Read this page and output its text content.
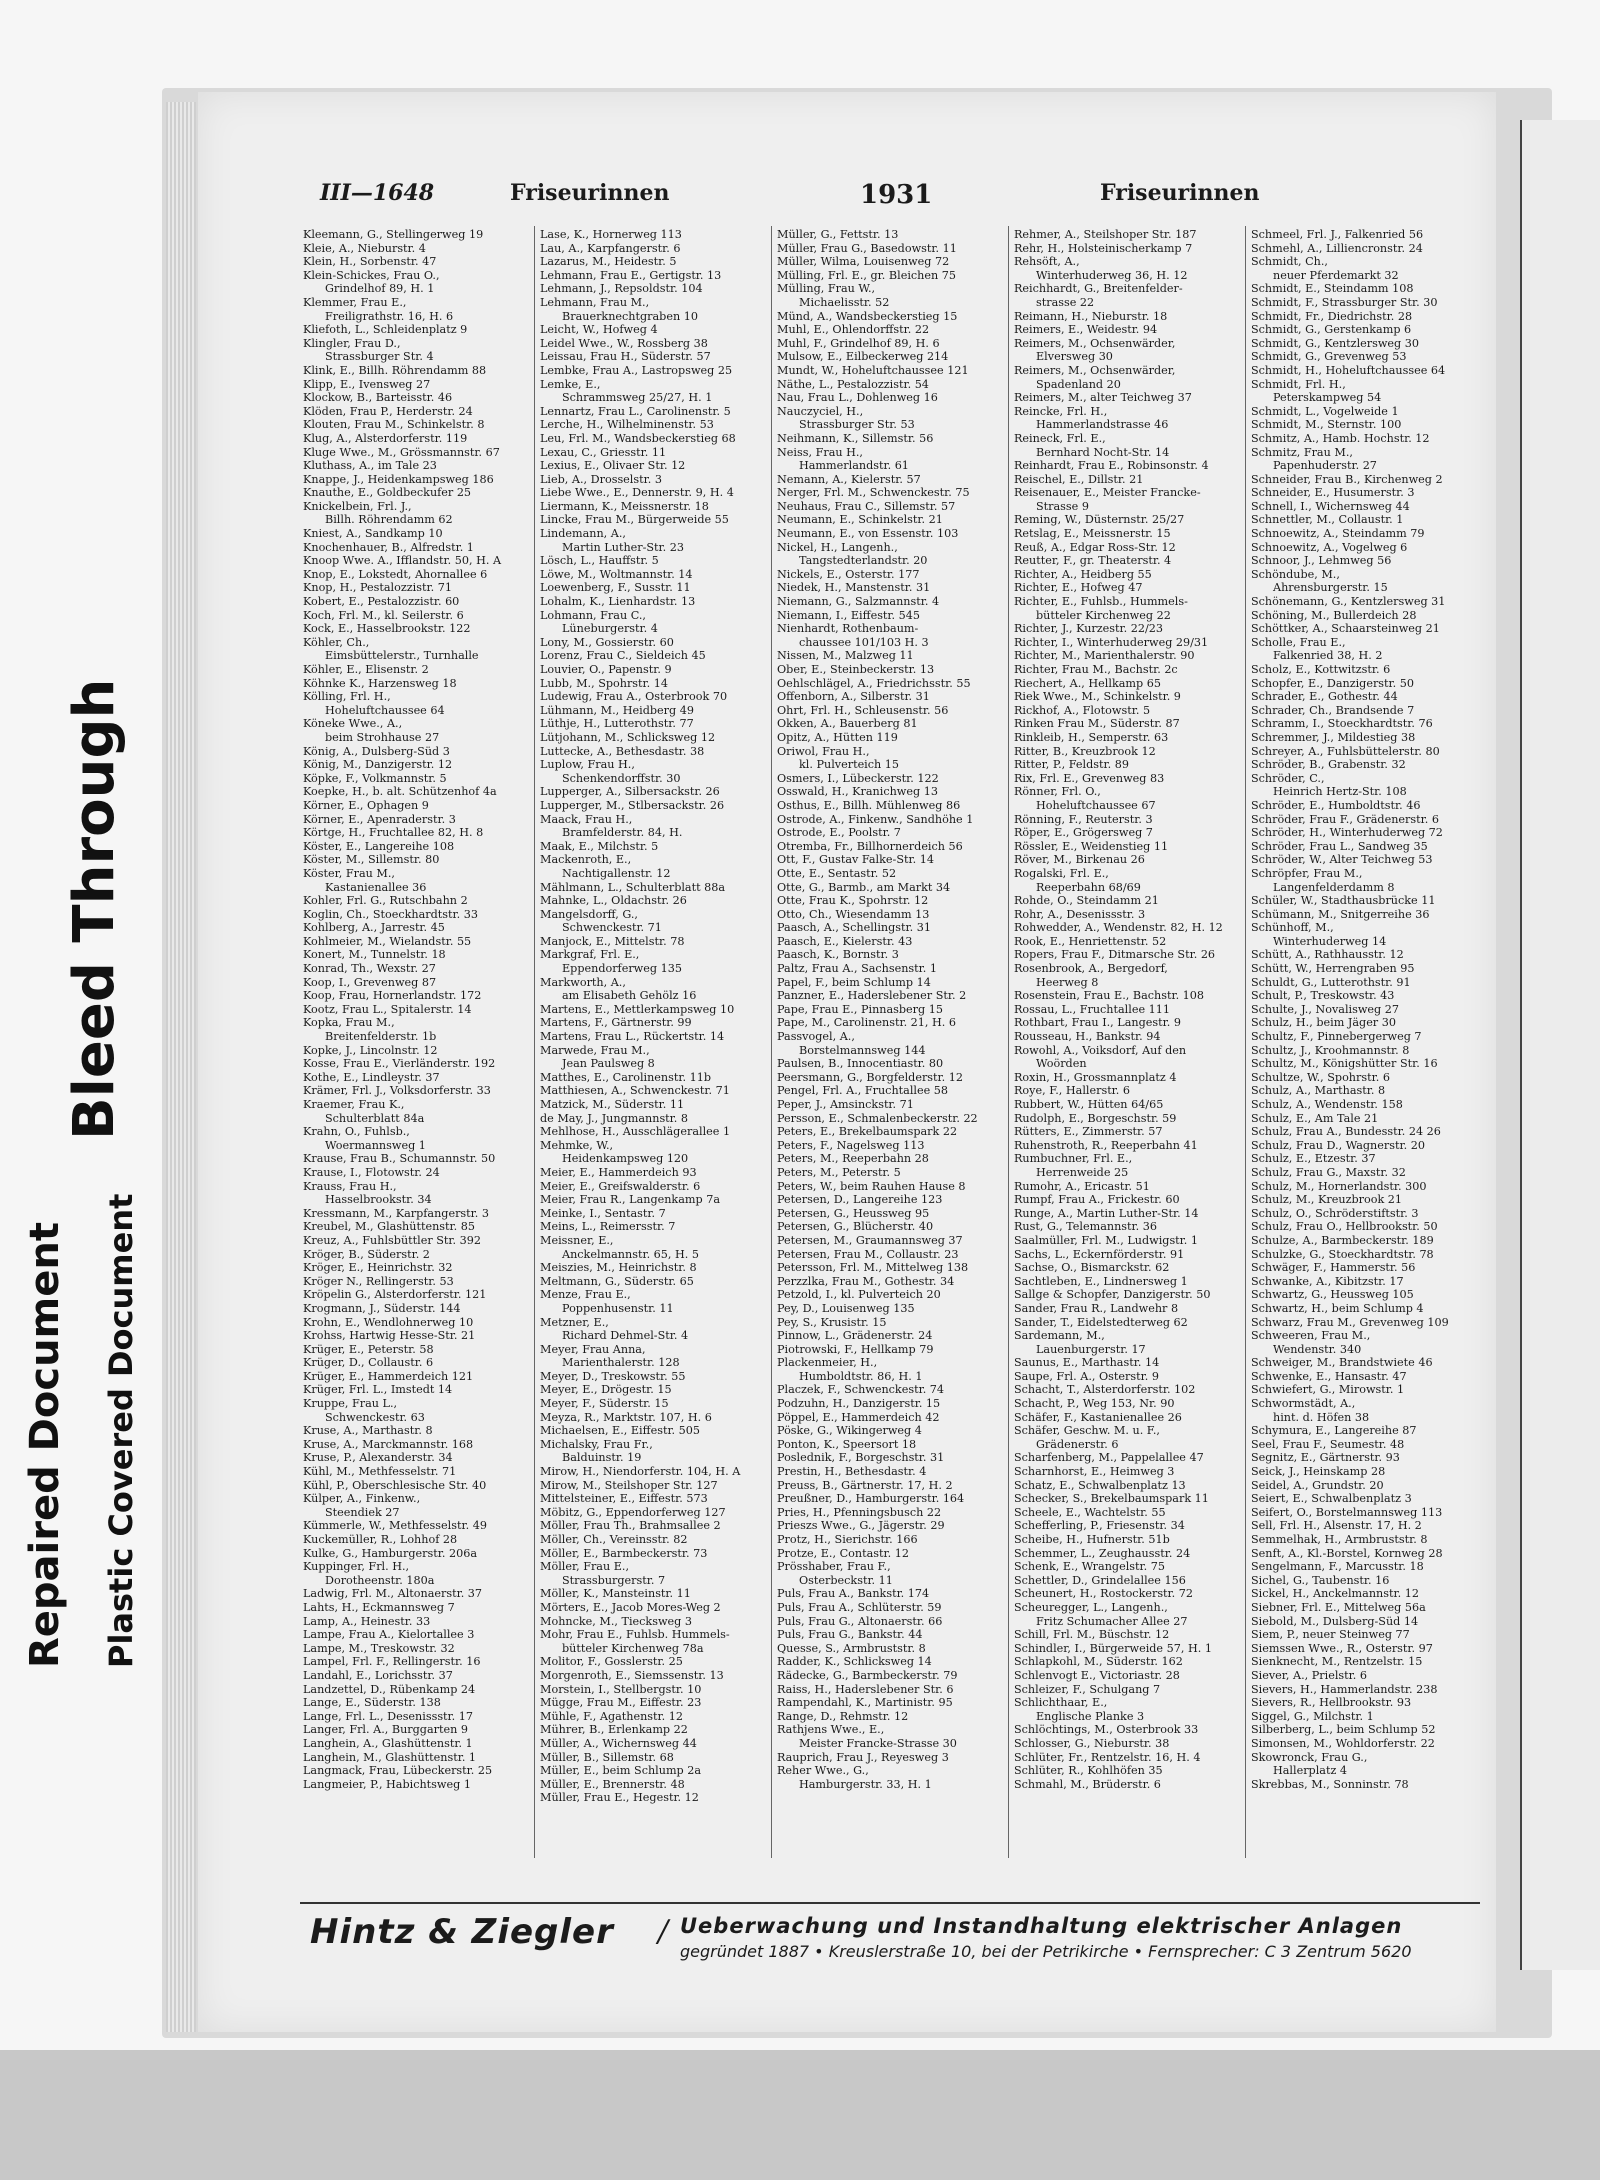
Repaired Document Plastic Covered Document
Bleed Through
III—1648	Friseurinnen	1931	Friseurinnen
Kleemann, G., Stellingerweg 19
Kleie, A., Nieburstr. 4
Klein, H., Sorbenstr. 47
Klein-Schickes, Frau O.,
Grindelhof 89, H. 1
Klemmer, Frau E.,
Freiligrathstr. 16, H. 6
Kliefoth, L., Schleidenplatz 9
Klingler, Frau D.,
Strassburger Str. 4
Klink, E., Billh. Röhrendamm 88
Klipp, E., Ivensweg 27
Klockow, B., Barteisstr. 46
Klöden, Frau P., Herderstr. 24
Klouten, Frau M., Schinkelstr. 8
Klug, A., Alsterdorferstr. 119
Kluge Wwe., M., Grössmannstr. 67
Kluthass, A., im Tale 23
Knappe, J., Heidenkampsweg 186
Knauthe, E., Goldbeckufer 25
Knickelbein, Frl. J.,
Billh. Röhrendamm 62
Kniest, A., Sandkamp 10
Knochenhauer, B., Alfredstr. 1
Knoop Wwe. A., Ifflandstr. 50, H. A
Knop, E., Lokstedt, Ahornallee 6
Knop, H., Pestalozzistr. 71
Kobert, E., Pestalozzistr. 60
Koch, Frl. M., kl. Seilerstr. 6
Kock, E., Hasselbrookstr. 122
Köhler, Ch.,
Eimsbüttelerstr., Turnhalle
Köhler, E., Elisenstr. 2
Köhnke K., Harzensweg 18
Kölling, Frl. H.,
Hoheluftchaussee 64
Köneke Wwe., A.,
beim Strohhause 27
König, A., Dulsberg-Süd 3
König, M., Danzigerstr. 12
Köpke, F., Volkmannstr. 5
Koepke, H., b. alt. Schützenhof 4a
Körner, E., Ophagen 9
Körner, E., Apenraderstr. 3
Körtge, H., Fruchtallee 82, H. 8
Köster, E., Langereihe 108
Köster, M., Sillemstr. 80
Köster, Frau M.,
Kastanienallee 36
Kohler, Frl. G., Rutschbahn 2
Koglin, Ch., Stoeckhardtstr. 33
Kohlberg, A., Jarrestr. 45
Kohlmeier, M., Wielandstr. 55
Konert, M., Tunnelstr. 18
Konrad, Th., Wexstr. 27
Koop, I., Grevenweg 87
Koop, Frau, Hornerlandstr. 172
Kootz, Frau L., Spitalerstr. 14
Kopka, Frau M.,
Breitenfelderstr. 1b
Kopke, J., Lincolnstr. 12
Kosse, Frau E., Vierländerstr. 192
Kothe, E., Lindleystr. 37
Krämer, Frl. J., Volksdorferstr. 33
Kraemer, Frau K.,
Schulterblatt 84a
Krahn, O., Fuhlsb.,
Woermannsweg 1
Krause, Frau B., Schumannstr. 50
Krause, I., Flotowstr. 24
Krauss, Frau H.,
Hasselbrookstr. 34
Kressmann, M., Karpfangerstr. 3
Kreubel, M., Glashüttenstr. 85
Kreuz, A., Fuhlsbüttler Str. 392
Kröger, B., Süderstr. 2
Kröger, E., Heinrichstr. 32
Kröger N., Rellingerstr. 53
Kröpelin G., Alsterdorferstr. 121
Krogmann, J., Süderstr. 144
Krohn, E., Wendlohnerweg 10
Krohss, Hartwig Hesse-Str. 21
Krüger, E., Peterstr. 58
Krüger, D., Collaustr. 6
Krüger, E., Hammerdeich 121
Krüger, Frl. L., Imstedt 14
Kruppe, Frau L.,
Schwenckestr. 63
Kruse, A., Marthastr. 8
Kruse, A., Marckmannstr. 168
Kruse, P., Alexanderstr. 34
Kühl, M., Methfesselstr. 71
Kühl, P., Oberschlesische Str. 40
Külper, A., Finkenw.,
Steendiek 27
Kümmerle, W., Methfesselstr. 49
Kuckemüller, R., Lohhof 28
Kulke, G., Hamburgerstr. 206a
Kuppinger, Frl. H.,
Dorotheenstr. 180a
Ladwig, Frl. M., Altonaerstr. 37
Lahts, H., Eckmannsweg 7
Lamp, A., Heinestr. 33
Lampe, Frau A., Kielortallee 3
Lampe, M., Treskowstr. 32
Lampel, Frl. F., Rellingerstr. 16
Landahl, E., Lorichsstr. 37
Landzettel, D., Rübenkamp 24
Lange, E., Süderstr. 138
Lange, Frl. L., Desenissstr. 17
Langer, Frl. A., Burggarten 9
Langhein, A., Glashüttenstr. 1
Langhein, M., Glashüttenstr. 1
Langmack, Frau, Lübeckerstr. 25
Langmeier, P., Habichtsweg 1
Lase, K., Hornerweg 113
Lau, A., Karpfangerstr. 6
Lazarus, M., Heidestr. 5
Lehmann, Frau E., Gertigstr. 13
Lehmann, J., Repsoldstr. 104
Lehmann, Frau M.,
Brauerknechtgraben 10
Leicht, W., Hofweg 4
Leidel Wwe., W., Rossberg 38
Leissau, Frau H., Süderstr. 57
Lembke, Frau A., Lastropsweg 25
Lemke, E.,
Schrammsweg 25/27, H. 1
Lennartz, Frau L., Carolinenstr. 5
Lerche, H., Wilhelminenstr. 53
Leu, Frl. M., Wandsbeckerstieg 68
Lexau, C., Griesstr. 11
Lexius, E., Olivaer Str. 12
Lieb, A., Drosselstr. 3
Liebe Wwe., E., Dennerstr. 9, H. 4
Liermann, K., Meissnerstr. 18
Lincke, Frau M., Bürgerweide 55
Lindemann, A.,
Martin Luther-Str. 23
Lösch, L., Hauffstr. 5
Löwe, M., Woltmannstr. 14
Loewenberg, F., Susstr. 11
Lohalm, K., Lienhardstr. 13
Lohmann, Frau C.,
Lüneburgerstr. 4
Lony, M., Gossierstr. 60
Lorenz, Frau C., Sieldeich 45
Louvier, O., Papenstr. 9
Lubb, M., Spohrstr. 14
Ludewig, Frau A., Osterbrook 70
Lühmann, M., Heidberg 49
Lüthje, H., Lutterothstr. 77
Lütjohann, M., Schlicksweg 12
Luttecke, A., Bethesdastr. 38
Luplow, Frau H.,
Schenkendorffstr. 30
Lupperger, A., Silbersackstr. 26
Lupperger, M., Stlbersackstr. 26
Maack, Frau H.,
Bramfelderstr. 84, H.
Maak, E., Milchstr. 5
Mackenroth, E.,
Nachtigallenstr. 12
Mählmann, L., Schulterblatt 88a
Mahnke, L., Oldachstr. 26
Mangelsdorff, G.,
Schwenckestr. 71
Manjock, E., Mittelstr. 78
Markgraf, Frl. E.,
Eppendorferweg 135
Markworth, A.,
am Elisabeth Gehölz 16
Martens, E., Mettlerkampsweg 10
Martens, F., Gärtnerstr. 99
Martens, Frau L., Rückertstr. 14
Marwede, Frau M.,
Jean Paulsweg 8
Matthes, E., Carolinenstr. 11b
Matthiesen, A., Schwenckestr. 71
Matzick, M., Süderstr. 11
de May, J., Jungmannstr. 8
Mehlhose, H., Ausschlägerallee 1
Mehmke, W.,
Heidenkampsweg 120
Meier, E., Hammerdeich 93
Meier, E., Greifswalderstr. 6
Meier, Frau R., Langenkamp 7a
Meinke, I., Sentastr. 7
Meins, L., Reimersstr. 7
Meissner, E.,
Anckelmannstr. 65, H. 5
Meiszies, M., Heinrichstr. 8
Meltmann, G., Süderstr. 65
Menze, Frau E.,
Poppenhusenstr. 11
Metzner, E.,
Richard Dehmel-Str. 4
Meyer, Frau Anna,
Marienthalerstr. 128
Meyer, D., Treskowstr. 55
Meyer, E., Drögestr. 15
Meyer, F., Süderstr. 15
Meyza, R., Marktstr. 107, H. 6
Michaelsen, E., Eiffestr. 505
Michalsky, Frau Fr.,
Balduinstr. 19
Mirow, H., Niendorferstr. 104, H. A
Mirow, M., Steilshoper Str. 127
Mittelsteiner, E., Eiffestr. 573
Möbitz, G., Eppendorferweg 127
Möller, Frau Th., Brahmsallee 2
Möller, Ch., Vereinsstr. 82
Möller, E., Barmbeckerstr. 73
Möller, Frau E.,
Strassburgerstr. 7
Möller, K., Mansteinstr. 11
Mörters, E., Jacob Mores-Weg 2
Mohncke, M., Tiecksweg 3
Mohr, Frau E., Fuhlsb. Hummels-
bütteler Kirchenweg 78a
Molitor, F., Gosslerstr. 25
Morgenroth, E., Siemssenstr. 13
Morstein, I., Stellbergstr. 10
Mügge, Frau M., Eiffestr. 23
Mühle, F., Agathenstr. 12
Mührer, B., Erlenkamp 22
Müller, A., Wichernsweg 44
Müller, B., Sillemstr. 68
Müller, E., beim Schlump 2a
Müller, E., Brennerstr. 48
Müller, Frau E., Hegestr. 12
Müller, G., Fettstr. 13
Müller, Frau G., Basedowstr. 11
Müller, Wilma, Louisenweg 72
Mülling, Frl. E., gr. Bleichen 75
Mülling, Frau W.,
Michaelisstr. 52
Münd, A., Wandsbeckerstieg 15
Muhl, E., Ohlendorffstr. 22
Muhl, F., Grindelhof 89, H. 6
Mulsow, E., Eilbeckerweg 214
Mundt, W., Hoheluftchaussee 121
Näthe, L., Pestalozzistr. 54
Nau, Frau L., Dohlenweg 16
Nauczyciel, H.,
Strassburger Str. 53
Neihmann, K., Sillemstr. 56
Neiss, Frau H.,
Hammerlandstr. 61
Nemann, A., Kielerstr. 57
Nerger, Frl. M., Schwenckestr. 75
Neuhaus, Frau C., Sillemstr. 57
Neumann, E., Schinkelstr. 21
Neumann, E., von Essenstr. 103
Nickel, H., Langenh.,
Tangstedterlandstr. 20
Nickels, E., Osterstr. 177
Niedek, H., Manstenstr. 31
Niemann, G., Salzmannstr. 4
Niemann, I., Eiffestr. 545
Nienhardt, Rothenbaum-
chaussee 101/103 H. 3
Nissen, M., Malzweg 11
Ober, E., Steinbeckerstr. 13
Oehlschlägel, A., Friedrichsstr. 55
Offenborn, A., Silberstr. 31
Ohrt, Frl. H., Schleusenstr. 56
Okken, A., Bauerberg 81
Opitz, A., Hütten 119
Oriwol, Frau H.,
kl. Pulverteich 15
Osmers, I., Lübeckerstr. 122
Osswald, H., Kranichweg 13
Osthus, E., Billh. Mühlenweg 86
Ostrode, A., Finkenw., Sandhöhe 1
Ostrode, E., Poolstr. 7
Otremba, Fr., Billhornerdeich 56
Ott, F., Gustav Falke-Str. 14
Otte, E., Sentastr. 52
Otte, G., Barmb., am Markt 34
Otte, Frau K., Spohrstr. 12
Otto, Ch., Wiesendamm 13
Paasch, A., Schellingstr. 31
Paasch, E., Kielerstr. 43
Paasch, K., Bornstr. 3
Paltz, Frau A., Sachsenstr. 1
Papel, F., beim Schlump 14
Panzner, E., Haderslebener Str. 2
Pape, Frau E., Pinnasberg 15
Pape, M., Carolinenstr. 21, H. 6
Passvogel, A.,
Borstelmannsweg 144
Paulsen, B., Innocentiastr. 80
Peersmann, G., Borgfelderstr. 12
Pengel, Frl. A., Fruchtallee 58
Peper, J., Amsinckstr. 71
Persson, E., Schmalenbeckerstr. 22
Peters, E., Brekelbaumspark 22
Peters, F., Nagelsweg 113
Peters, M., Reeperbahn 28
Peters, M., Peterstr. 5
Peters, W., beim Rauhen Hause 8
Petersen, D., Langereihe 123
Petersen, G., Heussweg 95
Petersen, G., Blücherstr. 40
Petersen, M., Graumannsweg 37
Petersen, Frau M., Collaustr. 23
Petersson, Frl. M., Mittelweg 138
Perzzlka, Frau M., Gothestr. 34
Petzold, I., kl. Pulverteich 20
Pey, D., Louisenweg 135
Pey, S., Krusistr. 15
Pinnow, L., Grädenerstr. 24
Piotrowski, F., Hellkamp 79
Plackenmeier, H.,
Humboldtstr. 86, H. 1
Placzek, F., Schwenckestr. 74
Podzuhn, H., Danzigerstr. 15
Pöppel, E., Hammerdeich 42
Pöske, G., Wikingerweg 4
Ponton, K., Speersort 18
Poslednik, F., Borgeschstr. 31
Prestin, H., Bethesdastr. 4
Preuss, B., Gärtnerstr. 17, H. 2
Preußner, D., Hamburgerstr. 164
Pries, H., Pfenningsbusch 22
Prieszs Wwe., G., Jägerstr. 29
Protz, H., Sierichstr. 166
Protze, E., Contastr. 12
Prösshaber, Frau F.,
Osterbeckstr. 11
Puls, Frau A., Bankstr. 174
Puls, Frau A., Schlüterstr. 59
Puls, Frau G., Altonaerstr. 66
Puls, Frau G., Bankstr. 44
Quesse, S., Armbruststr. 8
Radder, K., Schlicksweg 14
Rädecke, G., Barmbeckerstr. 79
Raiss, H., Haderslebener Str. 6
Rampendahl, K., Martinistr. 95
Range, D., Rehmstr. 12
Rathjens Wwe., E.,
Meister Francke-Strasse 30
Rauprich, Frau J., Reyesweg 3
Reher Wwe., G.,
Hamburgerstr. 33, H. 1
Rehmer, A., Steilshoper Str. 187
Rehr, H., Holsteinischerkamp 7
Rehsöft, A.,
Winterhuderweg 36, H. 12
Reichhardt, G., Breitenfelder-
strasse 22
Reimann, H., Nieburstr. 18
Reimers, E., Weidestr. 94
Reimers, M., Ochsenwärder,
Elversweg 30
Reimers, M., Ochsenwärder,
Spadenland 20
Reimers, M., alter Teichweg 37
Reincke, Frl. H.,
Hammerlandstrasse 46
Reineck, Frl. E.,
Bernhard Nocht-Str. 14
Reinhardt, Frau E., Robinsonstr. 4
Reischel, E., Dillstr. 21
Reisenauer, E., Meister Francke-
Strasse 9
Reming, W., Düsternstr. 25/27
Retslag, E., Meissnerstr. 15
Reuß, A., Edgar Ross-Str. 12
Reutter, F., gr. Theaterstr. 4
Richter, A., Heidberg 55
Richter, E., Hofweg 47
Richter, E., Fuhlsb., Hummels-
bütteler Kirchenweg 22
Richter, J., Kurzestr. 22/23
Richter, I., Winterhuderweg 29/31
Richter, M., Marienthalerstr. 90
Richter, Frau M., Bachstr. 2c
Riechert, A., Hellkamp 65
Riek Wwe., M., Schinkelstr. 9
Rickhof, A., Flotowstr. 5
Rinken Frau M., Süderstr. 87
Rinkleib, H., Semperstr. 63
Ritter, B., Kreuzbrook 12
Ritter, P., Feldstr. 89
Rix, Frl. E., Grevenweg 83
Rönner, Frl. O.,
Hoheluftchaussee 67
Rönning, F., Reuterstr. 3
Röper, E., Grögersweg 7
Rössler, E., Weidenstieg 11
Röver, M., Birkenau 26
Rogalski, Frl. E.,
Reeperbahn 68/69
Rohde, O., Steindamm 21
Rohr, A., Desenissstr. 3
Rohwedder, A., Wendenstr. 82, H. 12
Rook, E., Henriettenstr. 52
Ropers, Frau F., Ditmarsche Str. 26
Rosenbrook, A., Bergedorf,
Heerweg 8
Rosenstein, Frau E., Bachstr. 108
Rossau, L., Fruchtallee 111
Rothbart, Frau I., Langestr. 9
Rousseau, H., Bankstr. 94
Rowohl, A., Voiksdorf, Auf den
Woörden
Roxin, H., Grossmannplatz 4
Roye, F., Hallerstr. 6
Rubbert, W., Hütten 64/65
Rudolph, E., Borgeschstr. 59
Rütters, E., Zimmerstr. 57
Ruhenstroth, R., Reeperbahn 41
Rumbuchner, Frl. E.,
Herrenweide 25
Rumohr, A., Ericastr. 51
Rumpf, Frau A., Frickestr. 60
Runge, A., Martin Luther-Str. 14
Rust, G., Telemannstr. 36
Saalmüller, Frl. M., Ludwigstr. 1
Sachs, L., Eckernförderstr. 91
Sachse, O., Bismarckstr. 62
Sachtleben, E., Lindnersweg 1
Sallge & Schopfer, Danzigerstr. 50
Sander, Frau R., Landwehr 8
Sander, T., Eidelstedterweg 62
Sardemann, M.,
Lauenburgerstr. 17
Saunus, E., Marthastr. 14
Saupe, Frl. A., Osterstr. 9
Schacht, T., Alsterdorferstr. 102
Schacht, P., Weg 153, Nr. 90
Schäfer, F., Kastanienallee 26
Schäfer, Geschw. M. u. F.,
Grädenerstr. 6
Scharfenberg, M., Pappelallee 47
Scharnhorst, E., Heimweg 3
Schatz, E., Schwalbenplatz 13
Schecker, S., Brekelbaumspark 11
Scheele, E., Wachtelstr. 55
Schefferling, P., Friesenstr. 34
Scheibe, H., Hufnerstr. 51b
Schemmer, L., Zeughausstr. 24
Schenk, E., Wrangelstr. 75
Schettler, D., Grindelallee 156
Scheunert, H., Rostockerstr. 72
Scheuregger, L., Langenh.,
Fritz Schumacher Allee 27
Schill, Frl. M., Büschstr. 12
Schindler, I., Bürgerweide 57, H. 1
Schlapkohl, M., Süderstr. 162
Schlenvogt E., Victoriastr. 28
Schleizer, F., Schulgang 7
Schlichthaar, E.,
Englische Planke 3
Schlöchtings, M., Osterbrook 33
Schlosser, G., Nieburstr. 38
Schlüter, Fr., Rentzelstr. 16, H. 4
Schlüter, R., Kohlhöfen 35
Schmahl, M., Brüderstr. 6
Schmeel, Frl. J., Falkenried 56
Schmehl, A., Lilliencronstr. 24
Schmidt, Ch.,
neuer Pferdemarkt 32
Schmidt, E., Steindamm 108
Schmidt, F., Strassburger Str. 30
Schmidt, Fr., Diedrichstr. 28
Schmidt, G., Gerstenkamp 6
Schmidt, G., Kentzlersweg 30
Schmidt, G., Grevenweg 53
Schmidt, H., Hoheluftchaussee 64
Schmidt, Frl. H.,
Peterskampweg 54
Schmidt, L., Vogelweide 1
Schmidt, M., Sternstr. 100
Schmitz, A., Hamb. Hochstr. 12
Schmitz, Frau M.,
Papenhuderstr. 27
Schneider, Frau B., Kirchenweg 2
Schneider, E., Husumerstr. 3
Schnell, I., Wichernsweg 44
Schnettler, M., Collaustr. 1
Schnoewitz, A., Steindamm 79
Schnoewitz, A., Vogelweg 6
Schnoor, J., Lehmweg 56
Schöndube, M.,
Ahrensburgerstr. 15
Schönemann, G., Kentzlersweg 31
Schöning, M., Bullerdeich 28
Schöttker, A., Schaarsteinweg 21
Scholle, Frau E.,
Falkenried 38, H. 2
Scholz, E., Kottwitzstr. 6
Schopfer, E., Danzigerstr. 50
Schrader, E., Gothestr. 44
Schrader, Ch., Brandsende 7
Schramm, I., Stoeckhardtstr. 76
Schremmer, J., Mildestieg 38
Schreyer, A., Fuhlsbüttelerstr. 80
Schröder, B., Grabenstr. 32
Schröder, C.,
Heinrich Hertz-Str. 108
Schröder, E., Humboldtstr. 46
Schröder, Frau F., Grädenerstr. 6
Schröder, H., Winterhuderweg 72
Schröder, Frau L., Sandweg 35
Schröder, W., Alter Teichweg 53
Schröpfer, Frau M.,
Langenfelderdamm 8
Schüler, W., Stadthausbrücke 11
Schümann, M., Snitgerreihe 36
Schünhoff, M.,
Winterhuderweg 14
Schütt, A., Rathhausstr. 12
Schütt, W., Herrengraben 95
Schuldt, G., Lutterothstr. 91
Schult, P., Treskowstr. 43
Schulte, J., Novalisweg 27
Schulz, H., beim Jäger 30
Schultz, F., Pinnebergerweg 7
Schultz, J., Kroohmannstr. 8
Schultz, M., Königshütter Str. 16
Schultze, W., Spohrstr. 6
Schulz, A., Marthastr. 8
Schulz, A., Wendenstr. 158
Schulz, E., Am Tale 21
Schulz, Frau A., Bundesstr. 24 26
Schulz, Frau D., Wagnerstr. 20
Schulz, E., Etzestr. 37
Schulz, Frau G., Maxstr. 32
Schulz, M., Hornerlandstr. 300
Schulz, M., Kreuzbrook 21
Schulz, O., Schröderstiftstr. 3
Schulz, Frau O., Hellbrookstr. 50
Schulze, A., Barmbeckerstr. 189
Schulzke, G., Stoeckhardtstr. 78
Schwäger, F., Hammerstr. 56
Schwanke, A., Kibitzstr. 17
Schwartz, G., Heussweg 105
Schwartz, H., beim Schlump 4
Schwarz, Frau M., Grevenweg 109
Schweeren, Frau M.,
Wendenstr. 340
Schweiger, M., Brandstwiete 46
Schwenke, E., Hansastr. 47
Schwiefert, G., Mirowstr. 1
Schwormstädt, A.,
hint. d. Höfen 38
Schymura, E., Langereihe 87
Seel, Frau F., Seumestr. 48
Segnitz, E., Gärtnerstr. 93
Seick, J., Heinskamp 28
Seidel, A., Grundstr. 20
Seiert, E., Schwalbenplatz 3
Seifert, O., Borstelmannsweg 113
Sell, Frl. H., Alsenstr. 17, H. 2
Semmelhak, H., Armbruststr. 8
Senft, A., Kl.-Borstel, Kornweg 28
Sengelmann, F., Marcusstr. 18
Sichel, G., Taubenstr. 16
Sickel, H., Anckelmannstr. 12
Siebner, Frl. E., Mittelweg 56a
Siebold, M., Dulsberg-Süd 14
Siem, P., neuer Steinweg 77
Siemssen Wwe., R., Osterstr. 97
Sienknecht, M., Rentzelstr. 15
Siever, A., Prielstr. 6
Sievers, H., Hammerlandstr. 238
Sievers, R., Hellbrookstr. 93
Siggel, G., Milchstr. 1
Silberberg, L., beim Schlump 52
Simonsen, M., Wohldorferstr. 22
Skowronck, Frau G.,
Hallerplatz 4
Skrebbas, M., Sonninstr. 78
Hintz & Ziegler / Ueberwachung und Instandhaltung elektrischer Anlagen
gegründet 1887 • Kreuslerstraße 10, bei der Petrikirche • Fernsprecher: C 3 Zentrum 5620
